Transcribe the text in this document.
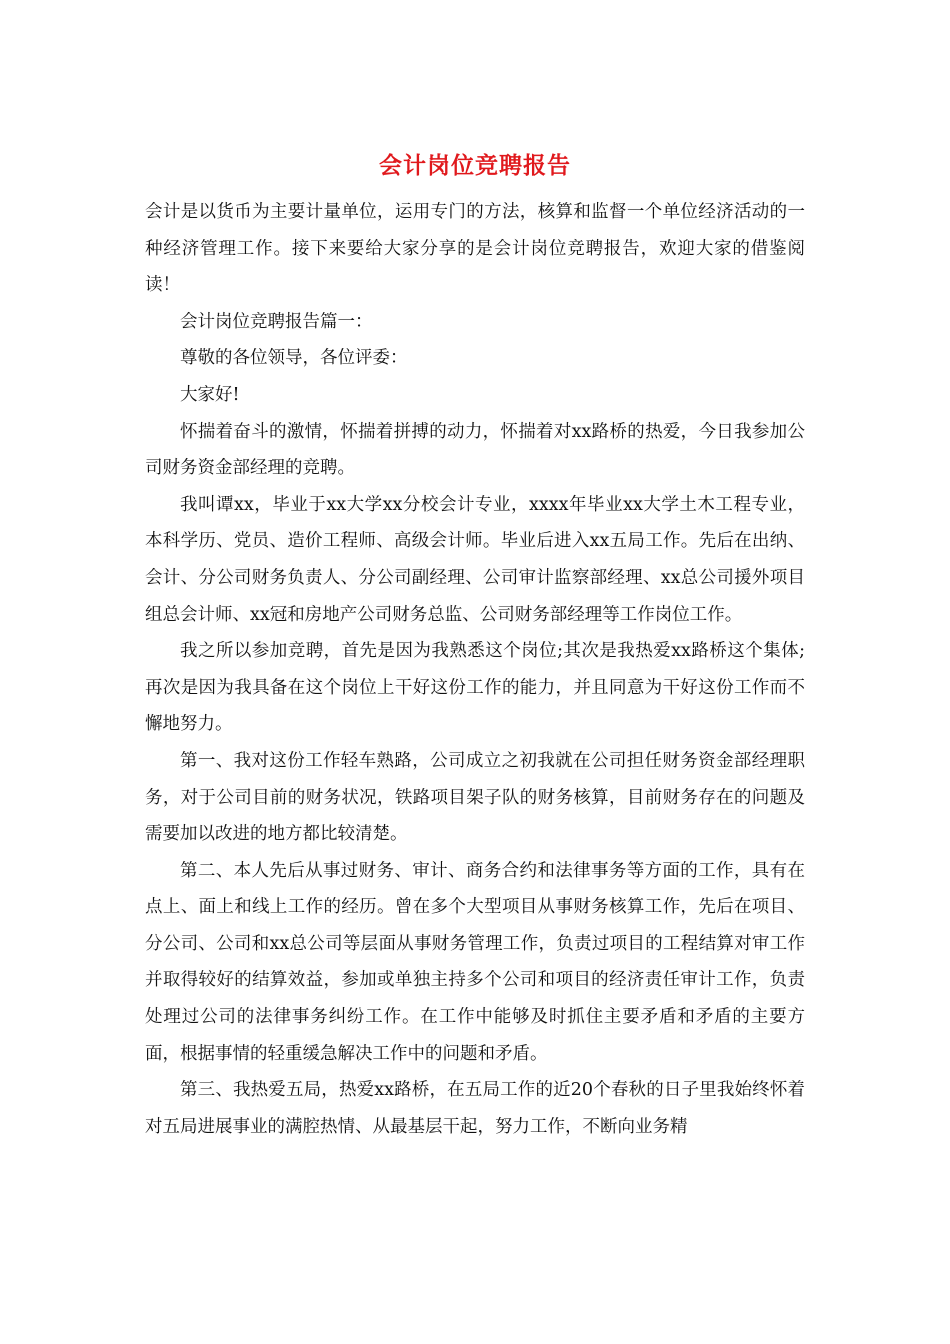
会计岗位竞聘报告

会计是以货币为主要计量单位，运用专门的方法，核算和监督一个单位经济活动的一种经济管理工作。接下来要给大家分享的是会计岗位竞聘报告，欢迎大家的借鉴阅读！

会计岗位竞聘报告篇一：

尊敬的各位领导，各位评委：

大家好!

怀揣着奋斗的激情，怀揣着拼搏的动力，怀揣着对xx路桥的热爱，今日我参加公司财务资金部经理的竞聘。

我叫谭xx，毕业于xx大学xx分校会计专业，xxxx年毕业xx大学土木工程专业，本科学历、党员、造价工程师、高级会计师。毕业后进入xx五局工作。先后在出纳、会计、分公司财务负责人、分公司副经理、公司审计监察部经理、xx总公司援外项目组总会计师、xx冠和房地产公司财务总监、公司财务部经理等工作岗位工作。

我之所以参加竞聘，首先是因为我熟悉这个岗位;其次是我热爱xx路桥这个集体;再次是因为我具备在这个岗位上干好这份工作的能力，并且同意为干好这份工作而不懈地努力。

第一、我对这份工作轻车熟路，公司成立之初我就在公司担任财务资金部经理职务，对于公司目前的财务状况，铁路项目架子队的财务核算，目前财务存在的问题及需要加以改进的地方都比较清楚。

第二、本人先后从事过财务、审计、商务合约和法律事务等方面的工作，具有在点上、面上和线上工作的经历。曾在多个大型项目从事财务核算工作，先后在项目、分公司、公司和xx总公司等层面从事财务管理工作，负责过项目的工程结算对审工作并取得较好的结算效益，参加或单独主持多个公司和项目的经济责任审计工作，负责处理过公司的法律事务纠纷工作。在工作中能够及时抓住主要矛盾和矛盾的主要方面，根据事情的轻重缓急解决工作中的问题和矛盾。

第三、我热爱五局，热爱xx路桥，在五局工作的近20个春秋的日子里我始终怀着对五局进展事业的满腔热情、从最基层干起，努力工作，不断向业务精
